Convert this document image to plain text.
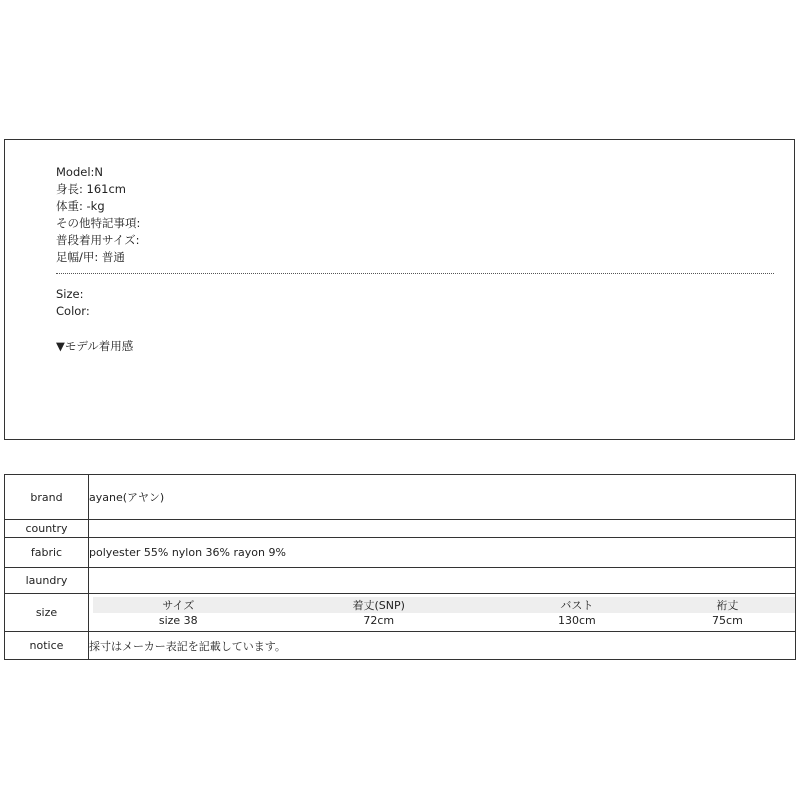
Model:N
身長: 161cm
体重: -kg
その他特記事項:
普段着用サイズ:
足幅/甲: 普通
Size:
Color:
▼モデル着用感
brand	ayane(アヤン)
country	
fabric	polyester 55% nylon 36% rayon 9%
laundry	
size	
サイズ	着丈(SNP)	バスト	裄丈
size 38	72cm	130cm	75cm

notice	採寸はメーカー表記を記載しています。
